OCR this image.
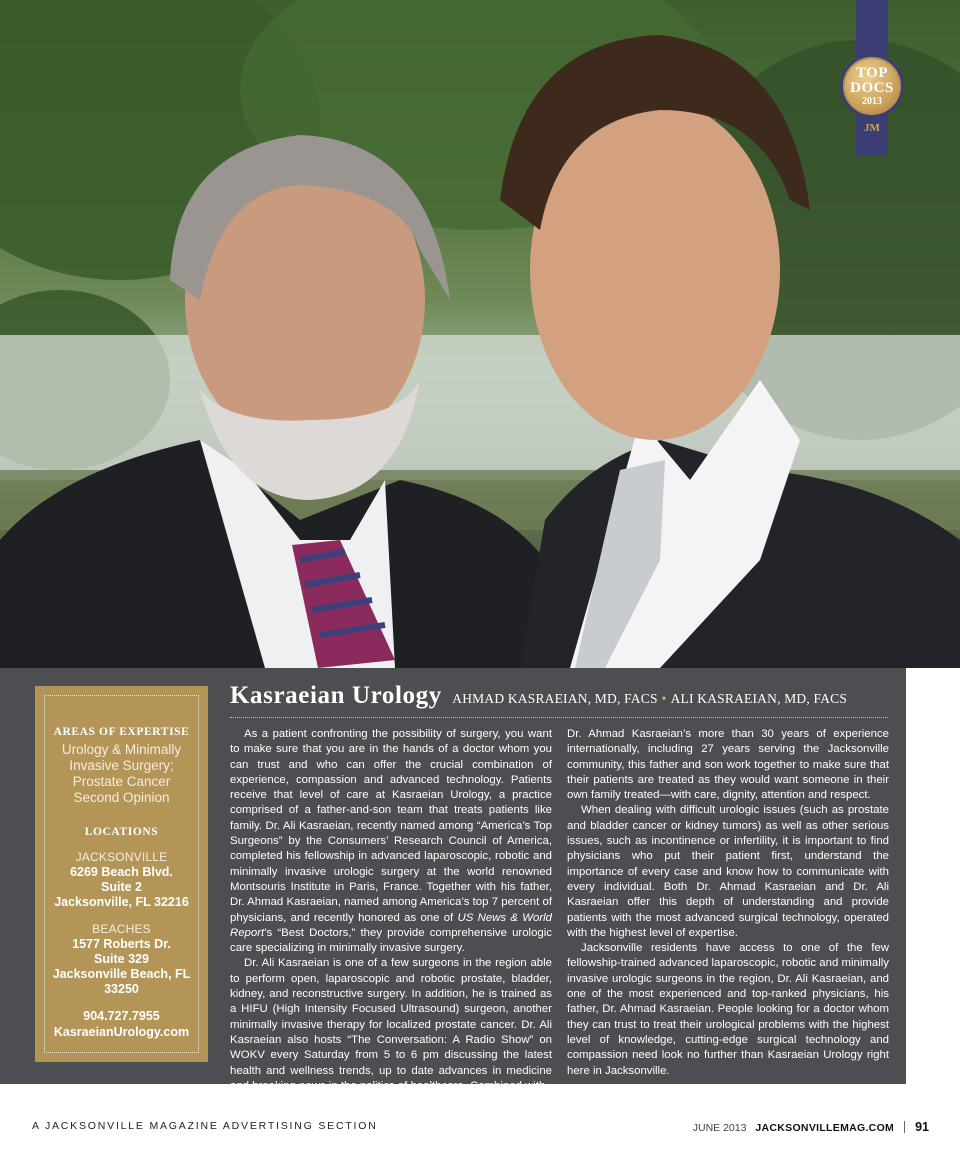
TOP
DOCS
2013
JM
AREAS OF EXPERTISE
Urology & Minimally Invasive Surgery; Prostate Cancer Second Opinion
LOCATIONS
JACKSONVILLE
6269 Beach Blvd.
Suite 2
Jacksonville, FL 32216
BEACHES
1577 Roberts Dr.
Suite 329
Jacksonville Beach, FL 33250
904.727.7955
KasraeianUrology.com
Kasraeian Urology AHMAD KASRAEIAN, MD, FACS • ALI KASRAEIAN, MD, FACS

As a patient confronting the possibility of surgery, you want to make sure that you are in the hands of a doctor whom you can trust and who can offer the crucial combination of experience, compassion and advanced technology. Patients receive that level of care at Kasraeian Urology, a practice comprised of a father-and-son team that treats patients like family. Dr. Ali Kasraeian, recently named among “America’s Top Surgeons” by the Consumers’ Research Council of America, completed his fellowship in advanced laparoscopic, robotic and minimally invasive urologic surgery at the world renowned Montsouris Institute in Paris, France. Together with his father, Dr. Ahmad Kasraeian, named among America’s top 7 percent of physicians, and recently honored as one of US News & World Report’s “Best Doctors,” they provide comprehensive urologic care specializing in minimally invasive surgery.

Dr. Ali Kasraeian is one of a few surgeons in the region able to perform open, laparoscopic and robotic prostate, bladder, kidney, and reconstructive surgery. In addition, he is trained as a HIFU (High Intensity Focused Ultrasound) surgeon, another minimally invasive therapy for localized prostate cancer. Dr. Ali Kasraeian also hosts “The Conversation: A Radio Show” on WOKV every Saturday from 5 to 6 pm discussing the latest health and wellness trends, up to date advances in medicine and breaking news in the politics of healthcare. Combined with

Dr. Ahmad Kasraeian’s more than 30 years of experience internationally, including 27 years serving the Jacksonville community, this father and son work together to make sure that their patients are treated as they would want someone in their own family treated—with care, dignity, attention and respect.

When dealing with difficult urologic issues (such as prostate and bladder cancer or kidney tumors) as well as other serious issues, such as incontinence or infertility, it is important to find physicians who put their patient first, understand the importance of every case and know how to communicate with every individual. Both Dr. Ahmad Kasraeian and Dr. Ali Kasraeian offer this depth of understanding and provide patients with the most advanced surgical technology, operated with the highest level of expertise.

Jacksonville residents have access to one of the few fellowship-trained advanced laparoscopic, robotic and minimally invasive urologic surgeons in the region, Dr. Ali Kasraeian, and one of the most experienced and top-ranked physicians, his father, Dr. Ahmad Kasraeian. People looking for a doctor whom they can trust to treat their urological problems with the highest level of knowledge, cutting-edge surgical technology and compassion need look no further than Kasraeian Urology right here in Jacksonville.

A JACKSONVILLE MAGAZINE ADVERTISING SECTION	JUNE 2013 JACKSONVILLEMAG.COM 91
